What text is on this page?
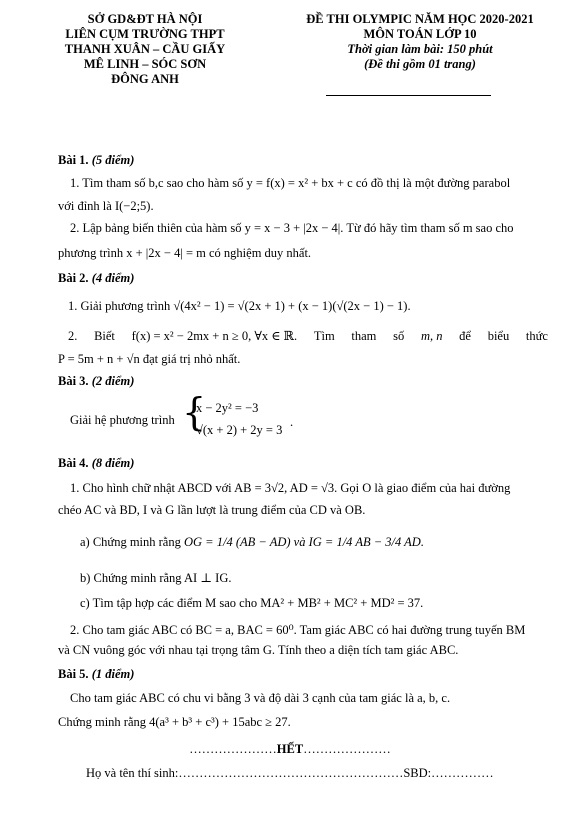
SỞ GD&ĐT HÀ NỘI
LIÊN CỤM TRƯỜNG THPT
THANH XUÂN – CẦU GIẤY
MÊ LINH – SÓC SƠN
ĐÔNG ANH
ĐỀ THI OLYMPIC NĂM HỌC 2020-2021
MÔN TOÁN LỚP 10
Thời gian làm bài: 150 phút
(Đề thi gồm 01 trang)
Bài 1. (5 điểm)
1. Tìm tham số b,c sao cho hàm số y = f(x) = x² + bx + c có đồ thị là một đường parabol
với đỉnh là I(−2;5).
2. Lập bảng biến thiên của hàm số y = x − 3 + |2x − 4|. Từ đó hãy tìm tham số m sao cho
phương trình x + |2x − 4| = m có nghiệm duy nhất.
Bài 2. (4 điểm)
1. Giải phương trình √(4x² − 1) = √(2x + 1) + (x − 1)(√(2x − 1) − 1).
2. Biết f(x) = x² − 2mx + n ≥ 0, ∀x ∈ ℝ. Tìm tham số m, n để biểu thức
P = 5m + n + √n đạt giá trị nhỏ nhất.
Bài 3. (2 điểm)
Giải hệ phương trình {
x − 2y² = −3
√(x + 2) + 2y = 3
.
Bài 4. (8 điểm)
1. Cho hình chữ nhật ABCD với AB = 3√2, AD = √3. Gọi O là giao điểm của hai đường
chéo AC và BD, I và G lần lượt là trung điểm của CD và OB.
a) Chứng minh rằng OG = 1/4 (AB − AD) và IG = 1/4 AB − 3/4 AD.
b) Chứng minh rằng AI ⊥ IG.
c) Tìm tập hợp các điểm M sao cho MA² + MB² + MC² + MD² = 37.
2. Cho tam giác ABC có BC = a, BAC = 60⁰. Tam giác ABC có hai đường trung tuyến BM
và CN vuông góc với nhau tại trọng tâm G. Tính theo a diện tích tam giác ABC.
Bài 5. (1 điểm)
Cho tam giác ABC có chu vi bằng 3 và độ dài 3 cạnh của tam giác là a, b, c.
Chứng minh rằng 4(a³ + b³ + c³) + 15abc ≥ 27.
…………………HẾT…………………
Họ và tên thí sinh:………………………………………………SBD:……………
